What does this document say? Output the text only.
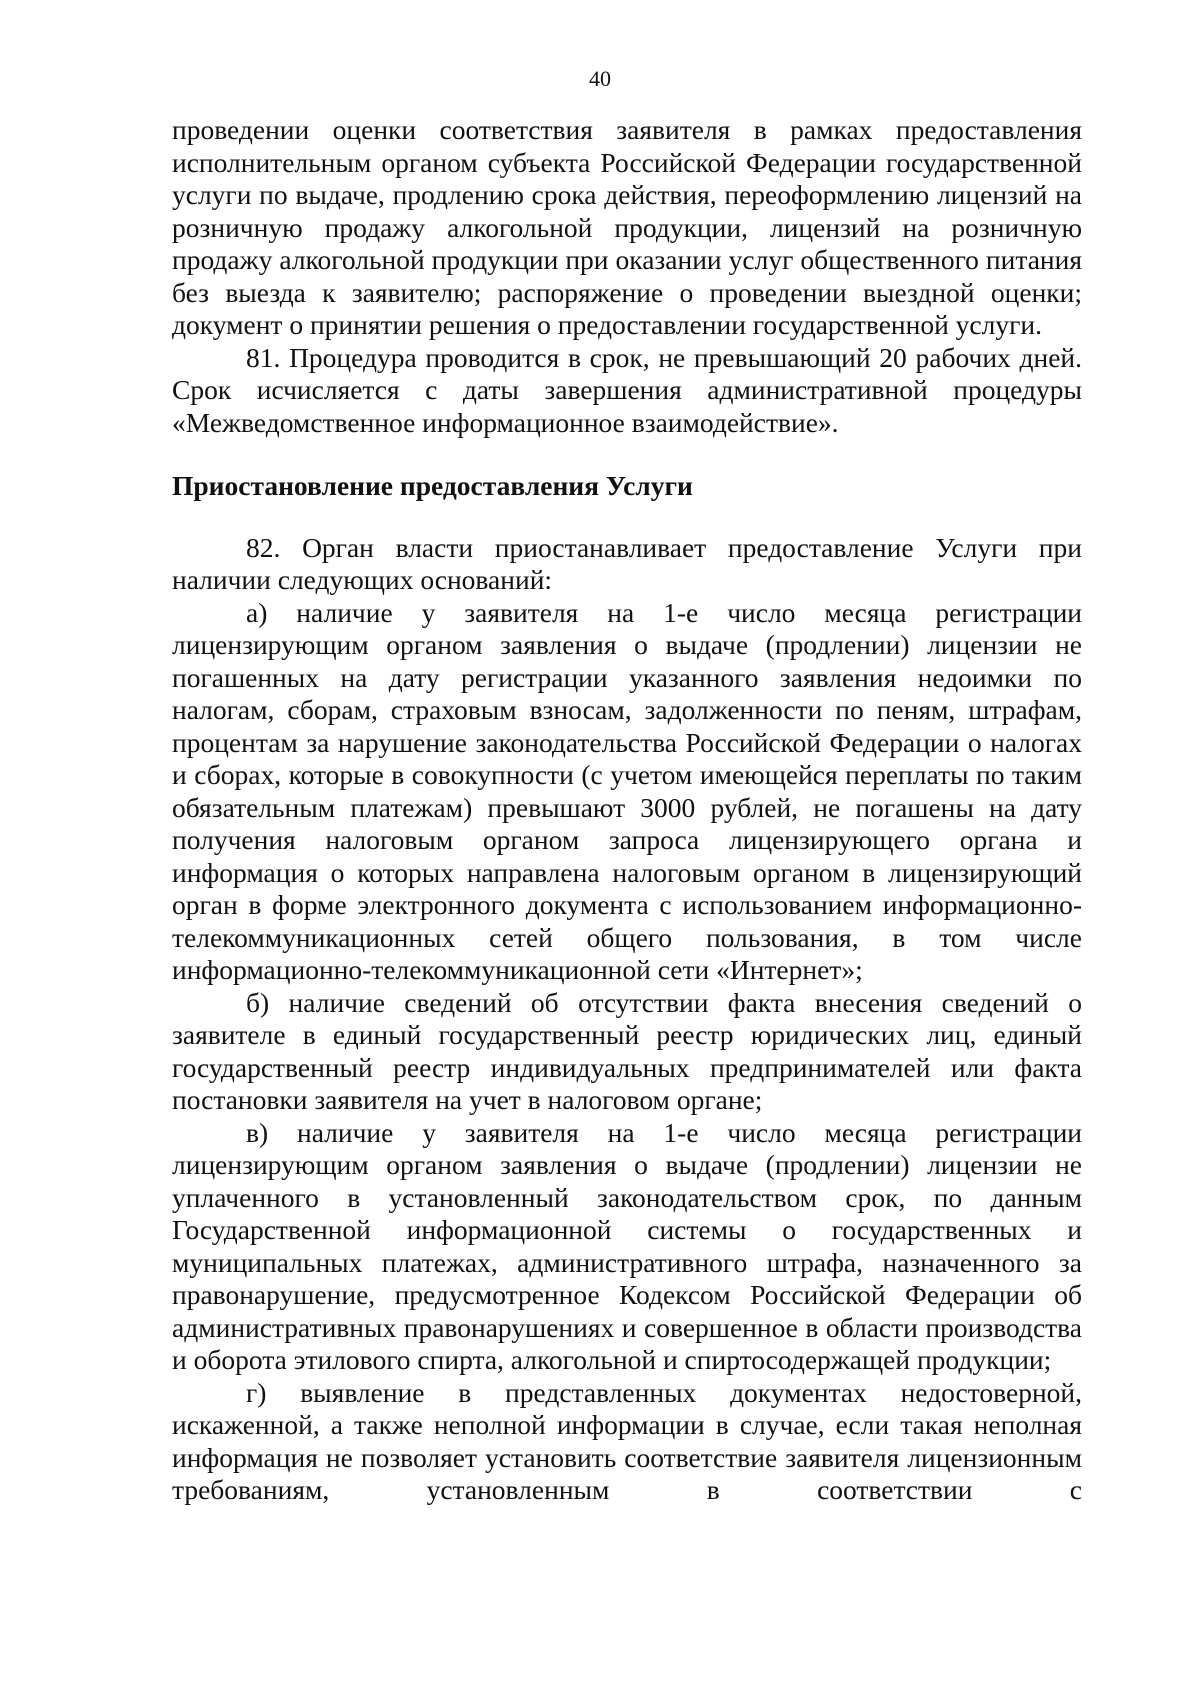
40

проведении оценки соответствия заявителя в рамках предоставления исполнительным органом субъекта Российской Федерации государственной услуги по выдаче, продлению срока действия, переоформлению лицензий на розничную продажу алкогольной продукции, лицензий на розничную продажу алкогольной продукции при оказании услуг общественного питания без выезда к заявителю; распоряжение о проведении выездной оценки; документ о принятии решения о предоставлении государственной услуги.

81. Процедура проводится в срок, не превышающий 20 рабочих дней. Срок исчисляется с даты завершения административной процедуры «Межведомственное информационное взаимодействие».

Приостановление предоставления Услуги

82. Орган власти приостанавливает предоставление Услуги при наличии следующих оснований:

а) наличие у заявителя на 1-е число месяца регистрации лицензирующим органом заявления о выдаче (продлении) лицензии не погашенных на дату регистрации указанного заявления недоимки по налогам, сборам, страховым взносам, задолженности по пеням, штрафам, процентам за нарушение законодательства Российской Федерации о налогах и сборах, которые в совокупности (с учетом имеющейся переплаты по таким обязательным платежам) превышают 3000 рублей, не погашены на дату получения налоговым органом запроса лицензирующего органа и информация о которых направлена налоговым органом в лицензирующий орган в форме электронного документа с использованием информационно-телекоммуникационных сетей общего пользования, в том числе информационно-телекоммуникационной сети «Интернет»;

б) наличие сведений об отсутствии факта внесения сведений о заявителе в единый государственный реестр юридических лиц, единый государственный реестр индивидуальных предпринимателей или факта постановки заявителя на учет в налоговом органе;

в) наличие у заявителя на 1-е число месяца регистрации лицензирующим органом заявления о выдаче (продлении) лицензии не уплаченного в установленный законодательством срок, по данным Государственной информационной системы о государственных и муниципальных платежах, административного штрафа, назначенного за правонарушение, предусмотренное Кодексом Российской Федерации об административных правонарушениях и совершенное в области производства и оборота этилового спирта, алкогольной и спиртосодержащей продукции;

г) выявление в представленных документах недостоверной, искаженной, а также неполной информации в случае, если такая неполная информация не позволяет установить соответствие заявителя лицензионным требованиям, установленным в соответствии с
